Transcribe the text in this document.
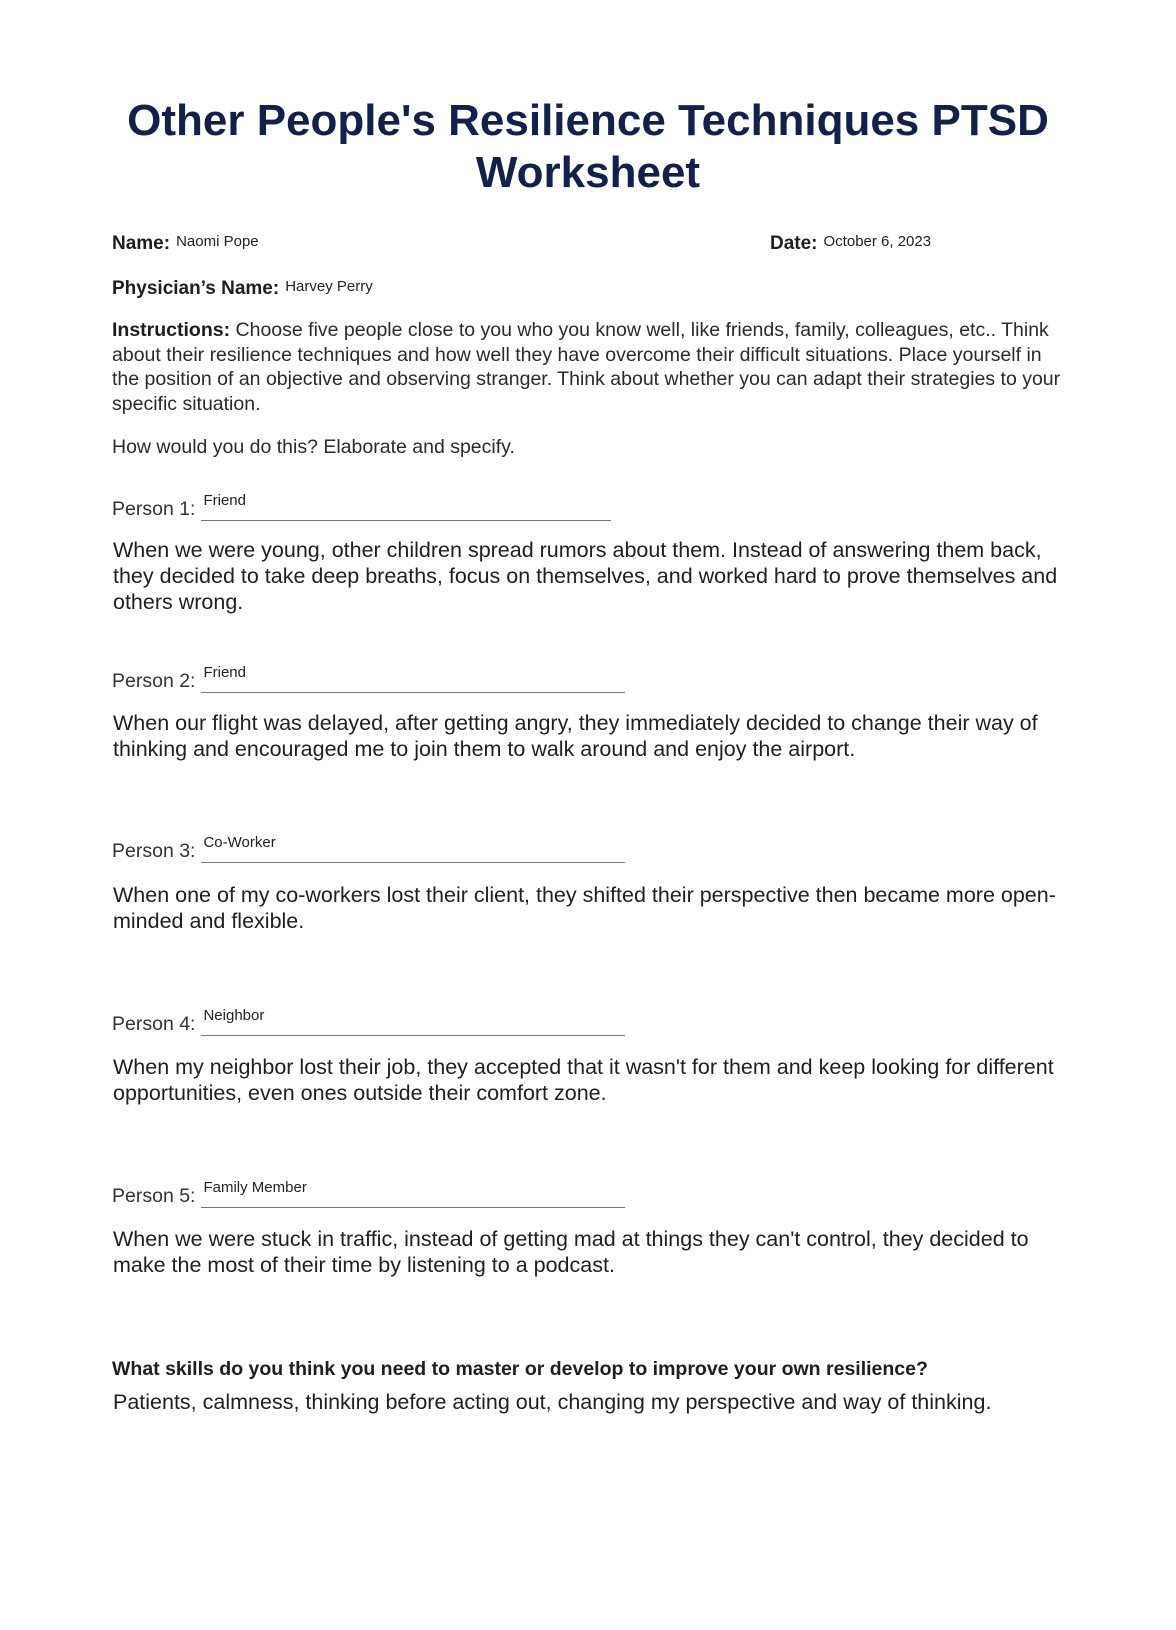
Other People's Resilience Techniques PTSD Worksheet
Name: Naomi Pope	Date: October 6, 2023
Physician’s Name: Harvey Perry

Instructions: Choose five people close to you who you know well, like friends, family, colleagues, etc.. Think about their resilience techniques and how well they have overcome their difficult situations. Place yourself in the position of an objective and observing stranger. Think about whether you can adapt their strategies to your specific situation.

How would you do this? Elaborate and specify.

Person 1: Friend

When we were young, other children spread rumors about them. Instead of answering them back, they decided to take deep breaths, focus on themselves, and worked hard to prove themselves and others wrong.

Person 2: Friend

When our flight was delayed, after getting angry, they immediately decided to change their way of thinking and encouraged me to join them to walk around and enjoy the airport.

Person 3: Co-Worker

When one of my co-workers lost their client, they shifted their perspective then became more open-minded and flexible.

Person 4: Neighbor

When my neighbor lost their job, they accepted that it wasn't for them and keep looking for different opportunities, even ones outside their comfort zone.

Person 5: Family Member

When we were stuck in traffic, instead of getting mad at things they can't control, they decided to make the most of their time by listening to a podcast.

What skills do you think you need to master or develop to improve your own resilience?

Patients, calmness, thinking before acting out, changing my perspective and way of thinking.
